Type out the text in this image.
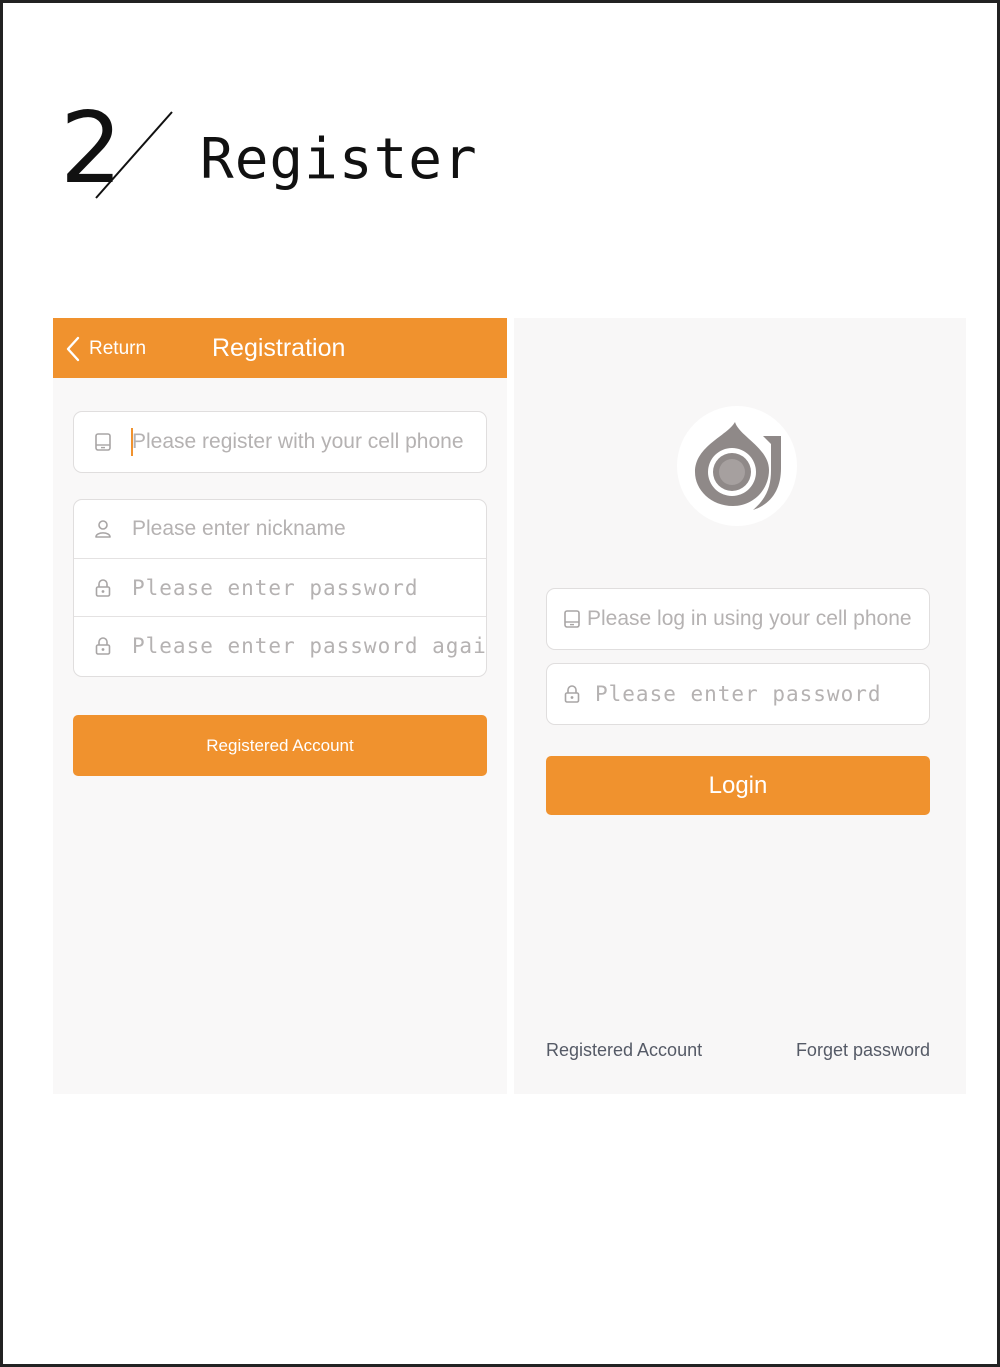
2 Register
Return	Registration
Please register with your cell phone
Please enter nickname
Registered Account
Please log in using your cell phone
Login
Registered Account	Forget password
